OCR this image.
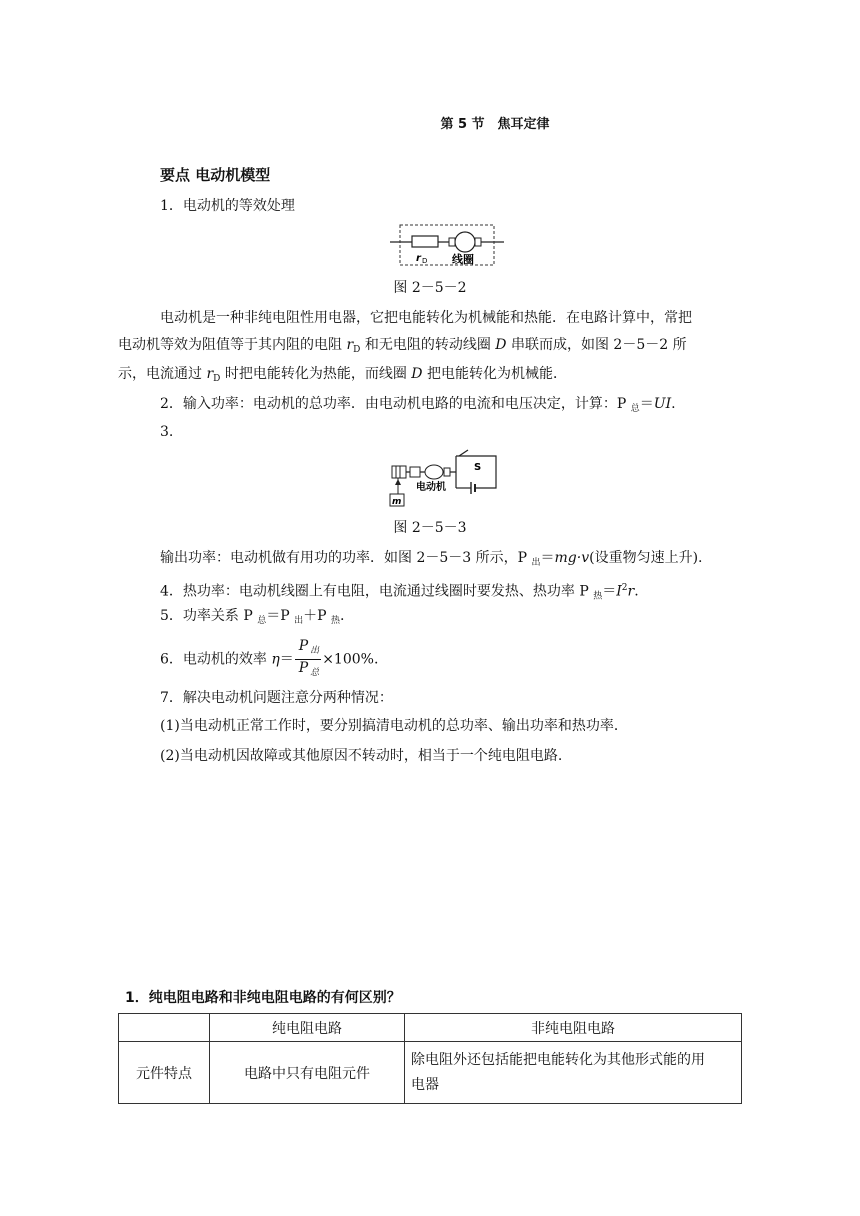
第 5 节　焦耳定律
要点 电动机模型
1．电动机的等效处理
r D 线圈
图 2－5－2
电动机是一种非纯电阻性用电器，它把电能转化为机械能和热能．在电路计算中，常把
电动机等效为阻值等于其内阻的电阻 $r_D$ 和无电阻的转动线圈 D 串联而成，如图 2－5－2 所
示，电流通过 $r_D$ 时把电能转化为热能，而线圈 D 把电能转化为机械能．
2．输入功率：电动机的总功率．由电动机电路的电流和电压决定，计算：P $_总$＝UI.
3.
S
m
电动机
图 2－5－3
输出功率：电动机做有用功的功率．如图 2－5－3 所示，P $_出$＝mg·v(设重物匀速上升).
4．热功率：电动机线圈上有电阻，电流通过线圈时要发热、热功率 P $_热=I^2r$.
5．功率关系 P $_总$＝P $_出$＋P $_热$.
6．电动机的效率 $\eta= \frac{P _出}{P _总} \times 100\%$.
7．解决电动机问题注意分两种情况：
(1)当电动机正常工作时，要分别搞清电动机的总功率、输出功率和热功率．
(2)当电动机因故障或其他原因不转动时，相当于一个纯电阻电路.
1．纯电阻电路和非纯电阻电路的有何区别？
	纯电阻电路	非纯电阻电路
元件特点	电路中只有电阻元件	除电阻外还包括能把电能转化为其他形式能的用
电器
